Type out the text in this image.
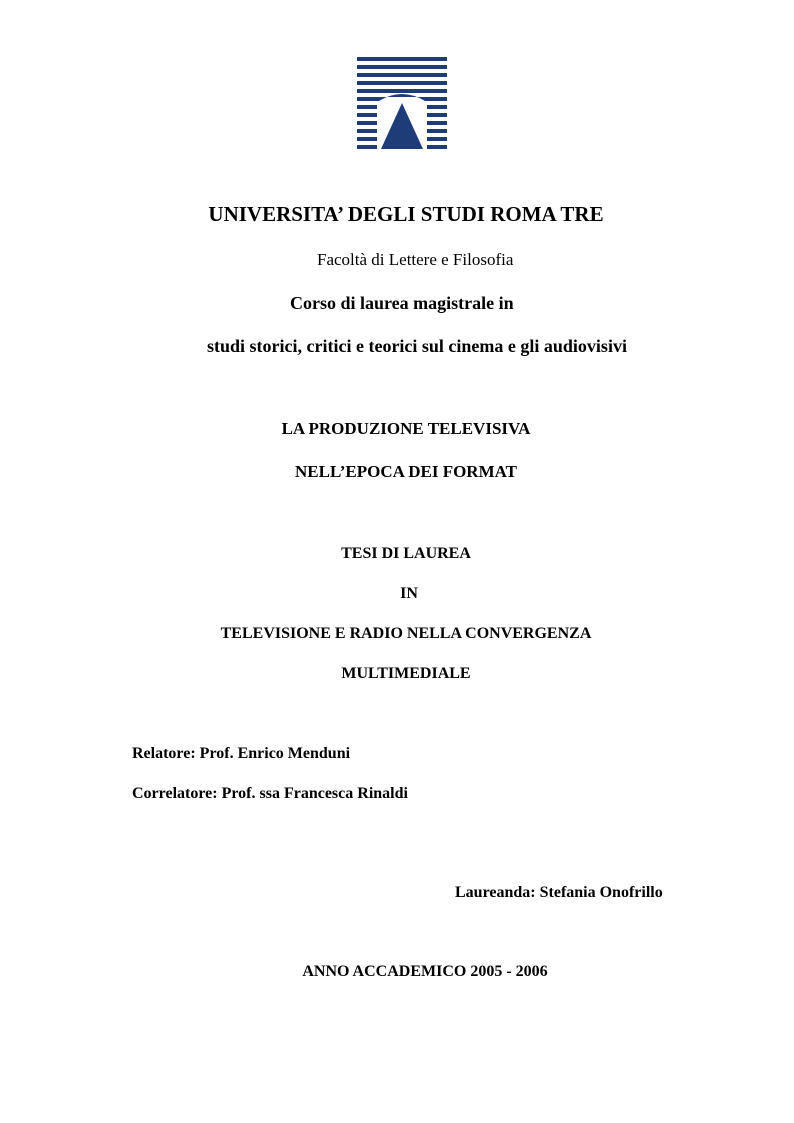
UNIVERSITA’ DEGLI STUDI ROMA TRE
Facoltà di Lettere e Filosofia
Corso di laurea magistrale in
studi storici, critici e teorici sul cinema e gli audiovisivi
LA PRODUZIONE TELEVISIVA
NELL’EPOCA DEI FORMAT
TESI DI LAUREA
IN
TELEVISIONE E RADIO NELLA CONVERGENZA
MULTIMEDIALE
Relatore: Prof. Enrico Menduni
Correlatore: Prof. ssa Francesca Rinaldi
Laureanda: Stefania Onofrillo
ANNO ACCADEMICO 2005 - 2006
